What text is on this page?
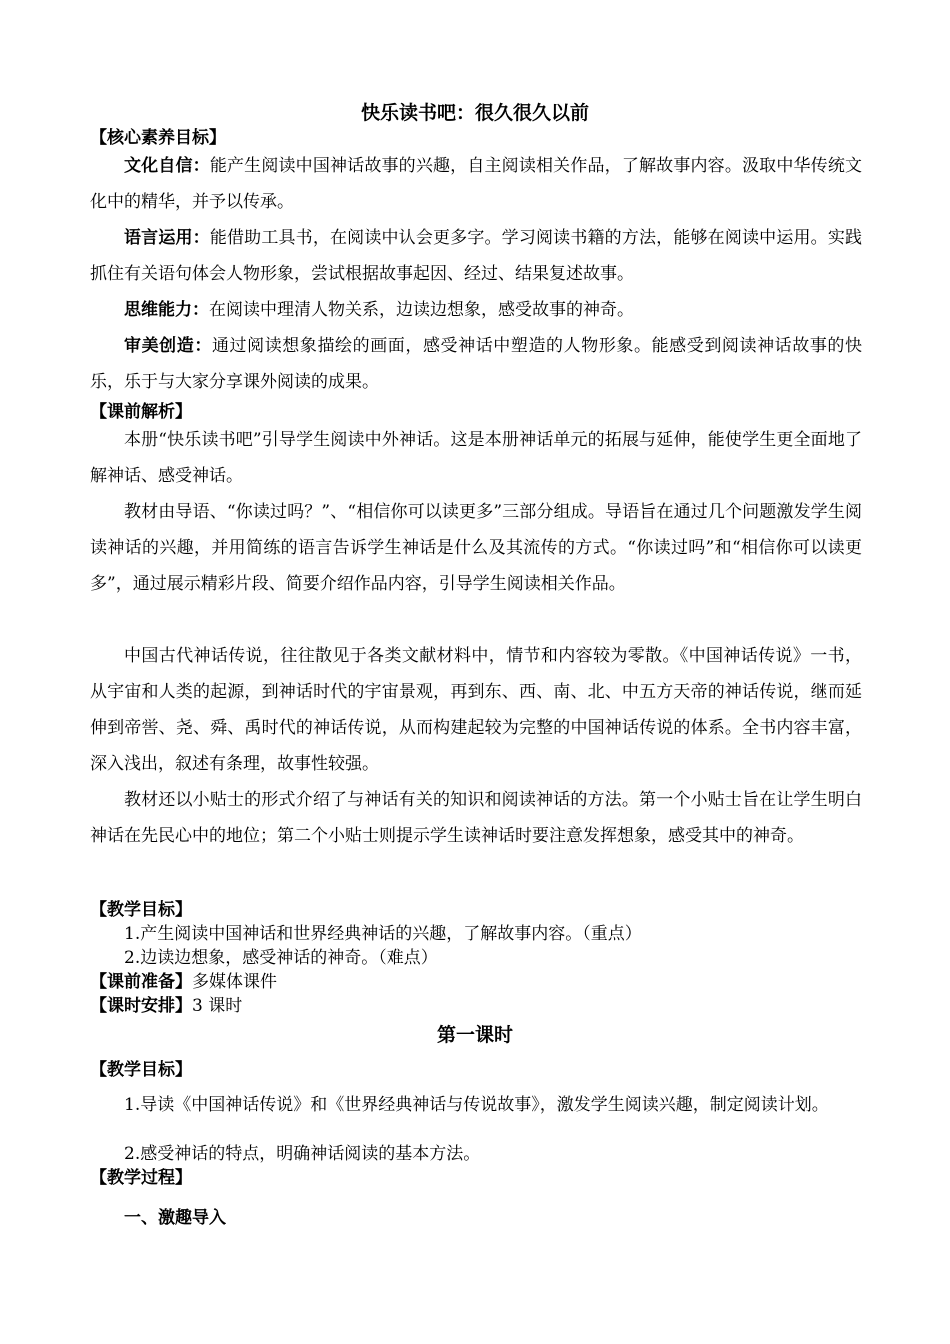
快乐读书吧：很久很久以前
【核心素养目标】
文化自信：能产生阅读中国神话故事的兴趣，自主阅读相关作品，了解故事内容。汲取中华传统文化中的精华，并予以传承。
语言运用：能借助工具书，在阅读中认会更多字。学习阅读书籍的方法，能够在阅读中运用。实践抓住有关语句体会人物形象，尝试根据故事起因、经过、结果复述故事。
思维能力：在阅读中理清人物关系，边读边想象，感受故事的神奇。
审美创造：通过阅读想象描绘的画面，感受神话中塑造的人物形象。能感受到阅读神话故事的快乐，乐于与大家分享课外阅读的成果。
【课前解析】
本册“快乐读书吧”引导学生阅读中外神话。这是本册神话单元的拓展与延伸，能使学生更全面地了解神话、感受神话。
教材由导语、“你读过吗？”、“相信你可以读更多”三部分组成。导语旨在通过几个问题激发学生阅读神话的兴趣，并用简练的语言告诉学生神话是什么及其流传的方式。“你读过吗”和“相信你可以读更多”，通过展示精彩片段、简要介绍作品内容，引导学生阅读相关作品。
中国古代神话传说，往往散见于各类文献材料中，情节和内容较为零散。《中国神话传说》一书，从宇宙和人类的起源，到神话时代的宇宙景观，再到东、西、南、北、中五方天帝的神话传说，继而延伸到帝喾、尧、舜、禹时代的神话传说，从而构建起较为完整的中国神话传说的体系。全书内容丰富，深入浅出，叙述有条理，故事性较强。
教材还以小贴士的形式介绍了与神话有关的知识和阅读神话的方法。第一个小贴士旨在让学生明白神话在先民心中的地位；第二个小贴士则提示学生读神话时要注意发挥想象，感受其中的神奇。
【教学目标】
1.产生阅读中国神话和世界经典神话的兴趣，了解故事内容。（重点）
2.边读边想象，感受神话的神奇。（难点）
【课前准备】多媒体课件
【课时安排】3 课时
第一课时
【教学目标】
1.导读《中国神话传说》和《世界经典神话与传说故事》，激发学生阅读兴趣，制定阅读计划。
2.感受神话的特点，明确神话阅读的基本方法。
【教学过程】
一、激趣导入
